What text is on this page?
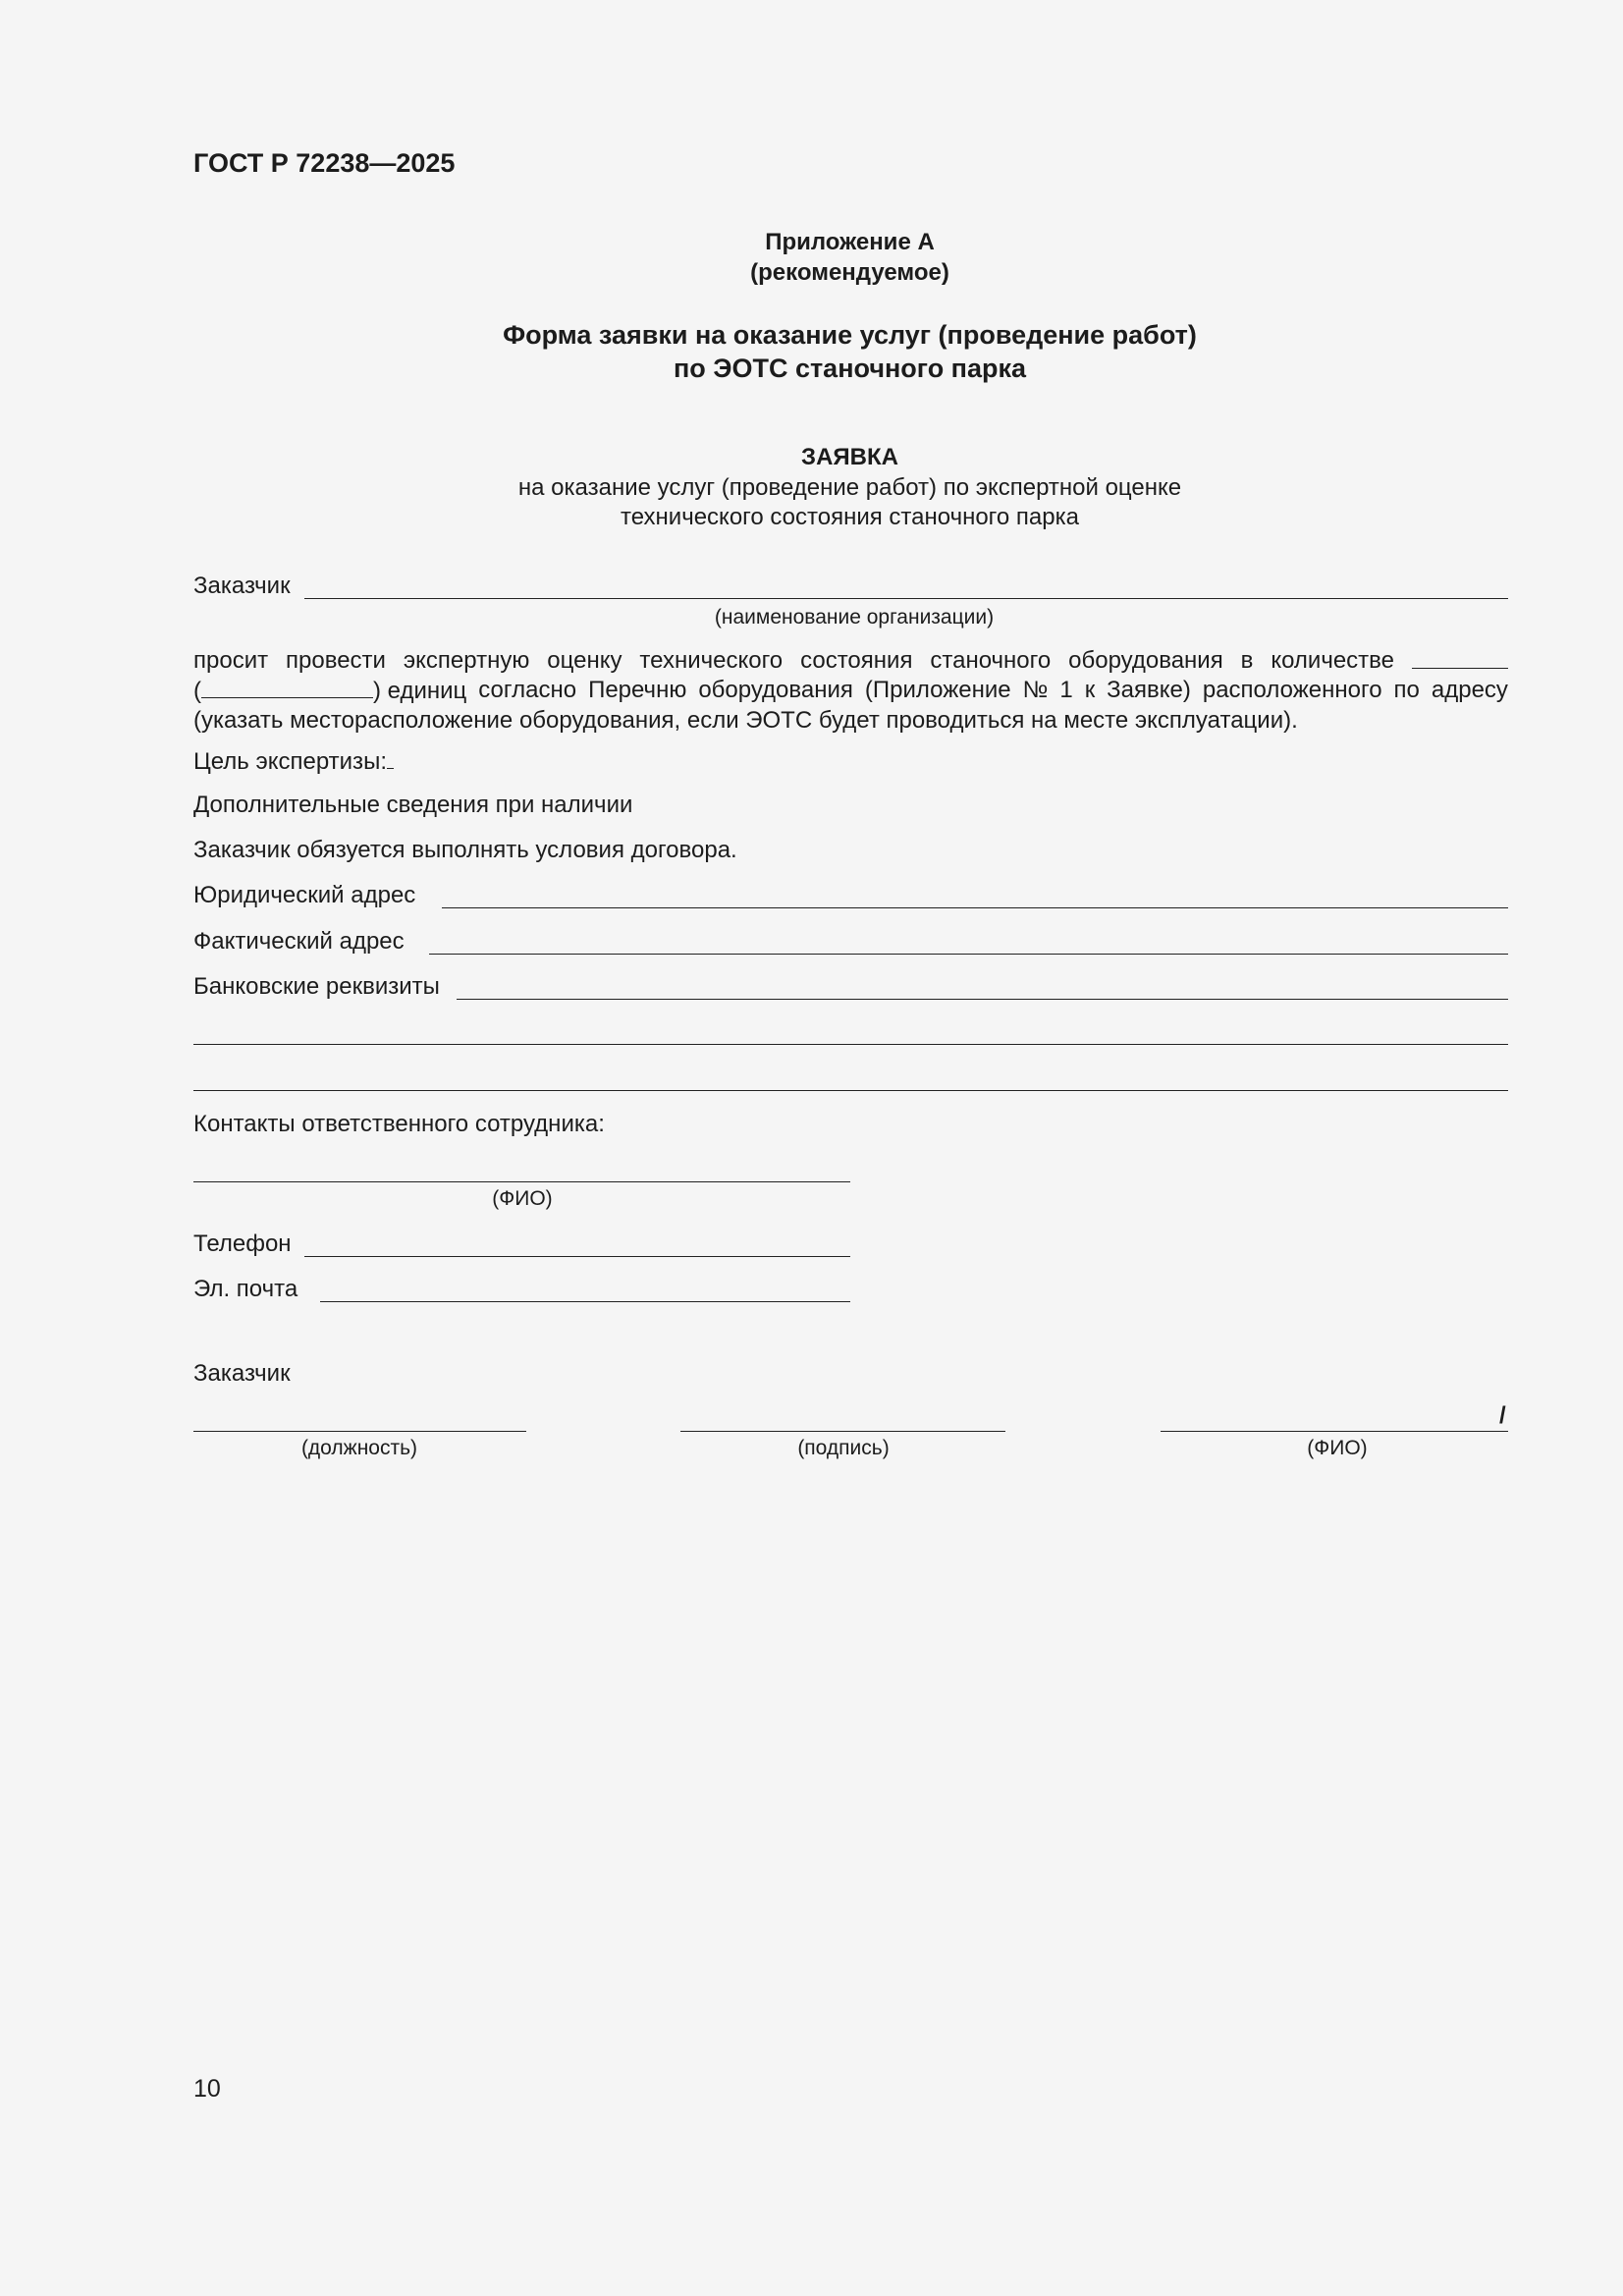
ГОСТ Р 72238—2025
Приложение А
(рекомендуемое)
Форма заявки на оказание услуг (проведение работ)
по ЭОТС станочного парка
ЗАЯВКА
на оказание услуг (проведение работ) по экспертной оценке
технического состояния станочного парка
Заказчик
(наименование организации)
просит провести экспертную оценку технического состояния станочного оборудования в количестве
(	) единиц согласно Перечню оборудования (Приложение № 1 к Заявке) расположенного по адресу
(указать месторасположение оборудования, если ЭОТС будет проводиться на месте эксплуатации).
Цель экспертизы:
Дополнительные сведения при наличии
Заказчик обязуется выполнять условия договора.
Юридический адрес
Фактический адрес
Банковские реквизиты
Контакты ответственного сотрудника:
(ФИО)
Телефон
Эл. почта
Заказчик
(должность)	(подпись)
/
(ФИО)
10
